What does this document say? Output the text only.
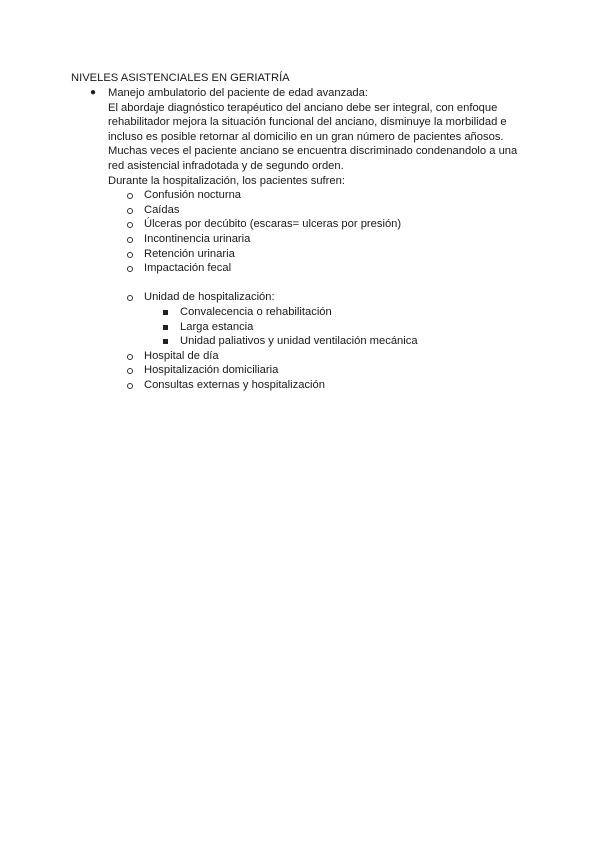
NIVELES ASISTENCIALES EN GERIATRÍA
● Manejo ambulatorio del paciente de edad avanzada:
El abordaje diagnóstico terapéutico del anciano debe ser integral, con enfoque
rehabilitador mejora la situación funcional del anciano, disminuye la morbilidad e
incluso es posible retornar al domicilio en un gran número de pacientes añosos.
Muchas veces el paciente anciano se encuentra discriminado condenandolo a una
red asistencial infradotada y de segundo orden.
Durante la hospitalización, los pacientes sufren:
Confusión nocturna
Caídas
Úlceras por decúbito (escaras= ulceras por presión)
Incontinencia urinaria
Retención urinaria
Impactación fecal
Unidad de hospitalización:
Convalecencia o rehabilitación
Larga estancia
Unidad paliativos y unidad ventilación mecánica
Hospital de día
Hospitalización domiciliaria
Consultas externas y hospitalización
